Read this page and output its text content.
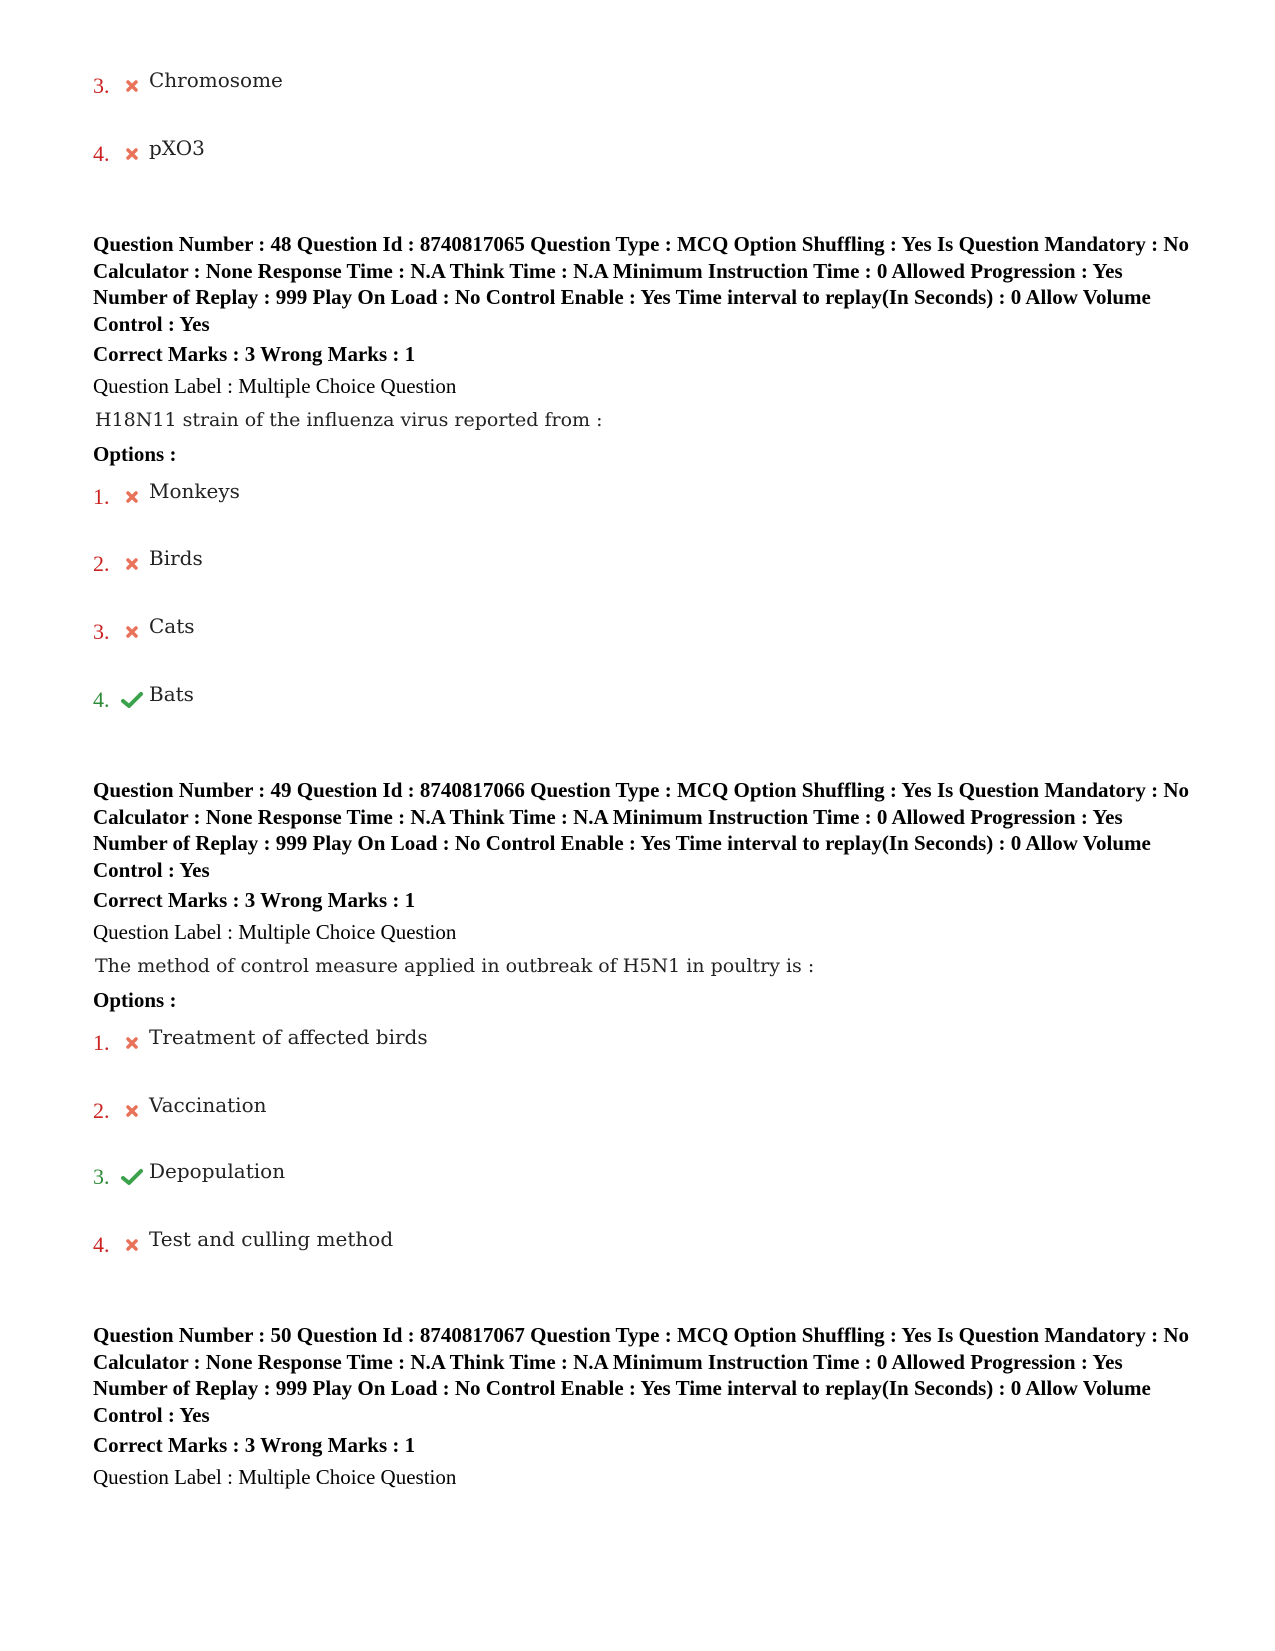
3.	Chromosome
4.	pXO3
Question Number : 48 Question Id : 8740817065 Question Type : MCQ Option Shuffling : Yes Is Question Mandatory : No Calculator : None Response Time : N.A Think Time : N.A Minimum Instruction Time : 0 Allowed Progression : Yes Number of Replay : 999 Play On Load : No Control Enable : Yes Time interval to replay(In Seconds) : 0 Allow Volume Control : Yes
Correct Marks : 3 Wrong Marks : 1
Question Label : Multiple Choice Question
H18N11 strain of the influenza virus reported from :
Options :
1.	Monkeys
2.	Birds
3.	Cats
4.	Bats
Question Number : 49 Question Id : 8740817066 Question Type : MCQ Option Shuffling : Yes Is Question Mandatory : No Calculator : None Response Time : N.A Think Time : N.A Minimum Instruction Time : 0 Allowed Progression : Yes Number of Replay : 999 Play On Load : No Control Enable : Yes Time interval to replay(In Seconds) : 0 Allow Volume Control : Yes
Correct Marks : 3 Wrong Marks : 1
Question Label : Multiple Choice Question
The method of control measure applied in outbreak of H5N1 in poultry is :
Options :
1.	Treatment of affected birds
2.	Vaccination
3.	Depopulation
4.	Test and culling method
Question Number : 50 Question Id : 8740817067 Question Type : MCQ Option Shuffling : Yes Is Question Mandatory : No Calculator : None Response Time : N.A Think Time : N.A Minimum Instruction Time : 0 Allowed Progression : Yes Number of Replay : 999 Play On Load : No Control Enable : Yes Time interval to replay(In Seconds) : 0 Allow Volume Control : Yes
Correct Marks : 3 Wrong Marks : 1
Question Label : Multiple Choice Question
